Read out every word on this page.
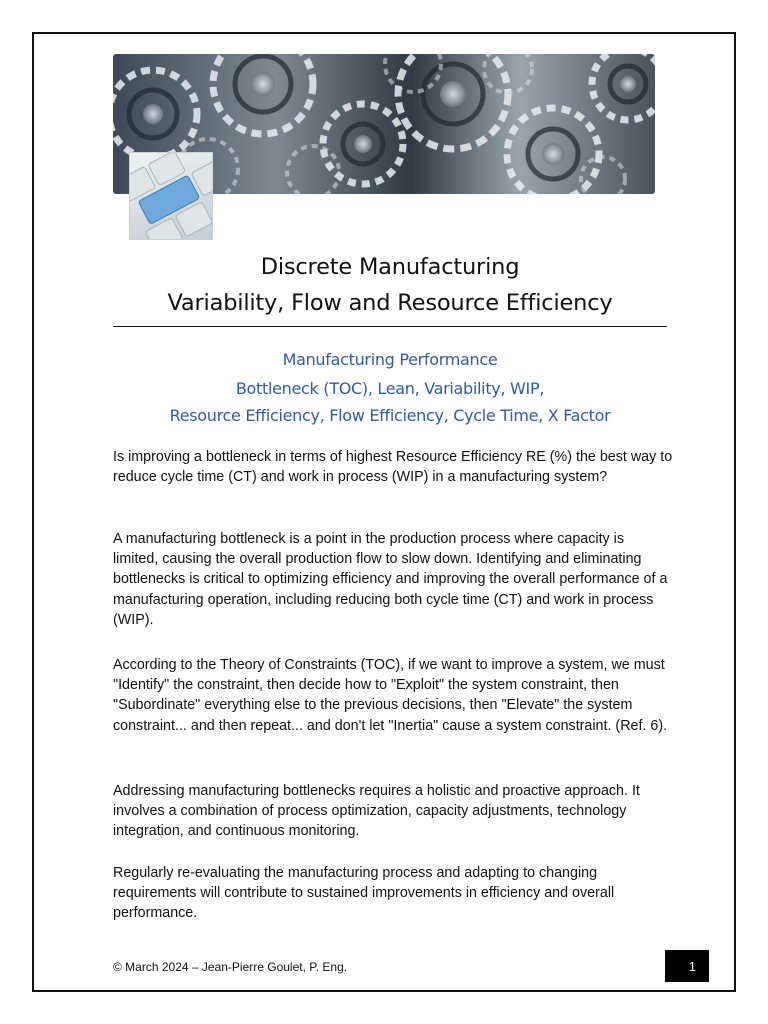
Discrete Manufacturing
Variability, Flow and Resource Efficiency
Manufacturing Performance
Bottleneck (TOC), Lean, Variability, WIP,
Resource Efficiency, Flow Efficiency, Cycle Time, X Factor

Is improving a bottleneck in terms of highest Resource Efficiency RE (%) the best way to reduce cycle time (CT) and work in process (WIP) in a manufacturing system?

A manufacturing bottleneck is a point in the production process where capacity is limited, causing the overall production flow to slow down. Identifying and eliminating bottlenecks is critical to optimizing efficiency and improving the overall performance of a manufacturing operation, including reducing both cycle time (CT) and work in process (WIP).

According to the Theory of Constraints (TOC), if we want to improve a system, we must "Identify" the constraint, then decide how to "Exploit" the system constraint, then "Subordinate" everything else to the previous decisions, then "Elevate" the system constraint... and then repeat... and don't let "Inertia" cause a system constraint. (Ref. 6).

Addressing manufacturing bottlenecks requires a holistic and proactive approach. It involves a combination of process optimization, capacity adjustments, technology integration, and continuous monitoring.

Regularly re-evaluating the manufacturing process and adapting to changing requirements will contribute to sustained improvements in efficiency and overall performance.

© March 2024 – Jean-Pierre Goulet, P. Eng.	1
